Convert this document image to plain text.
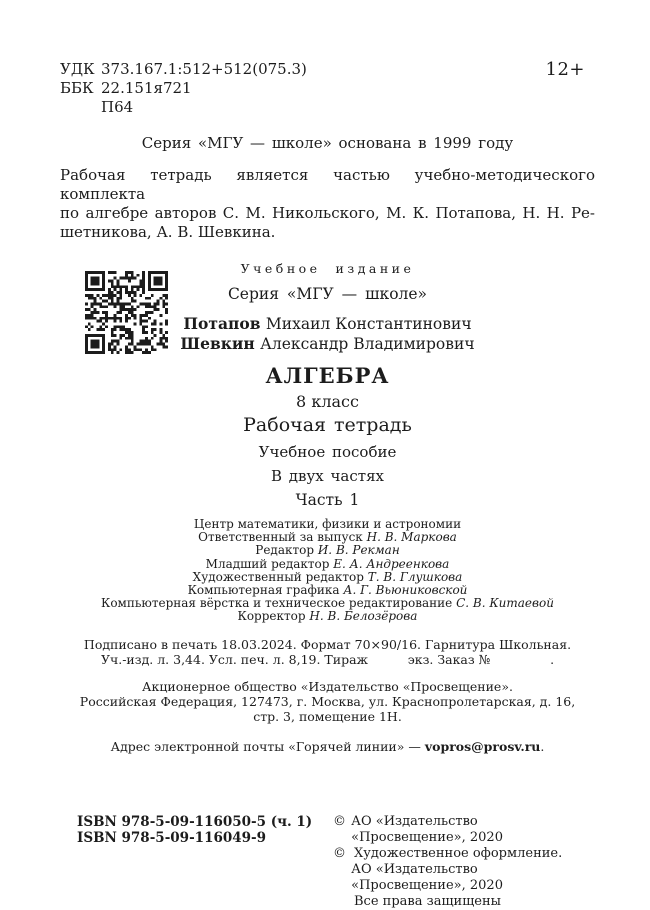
УДК 373.167.1:512+512(075.3)
ББК 22.151я721
П64
12+
Серия «МГУ — школе» основана в 1999 году
Рабочая тетрадь является частью учебно-методического комплекта
по алгебре авторов С. М. Никольского, М. К. Потапова, Н. Н. Ре-
шетникова, А. В. Шевкина.
Учебное издание
Серия «МГУ — школе»
Потапов Михаил Константинович
Шевкин Александр Владимирович
АЛГЕБРА
8 класс
Рабочая тетрадь
Учебное пособие
В двух частях
Часть 1
Центр математики, физики и астрономии
Ответственный за выпуск Н. В. Маркова
Редактор И. В. Рекман
Младший редактор Е. А. Андреенкова
Художественный редактор Т. В. Глушкова
Компьютерная графика А. Г. Вьюниковской
Компьютерная вёрстка и техническое редактирование С. В. Китаевой
Корректор Н. В. Белозёрова
Подписано в печать 18.03.2024. Формат 70×90/16. Гарнитура Школьная.
Уч.-изд. л. 3,44. Усл. печ. л. 8,19. Тираж          экз. Заказ №               .
Акционерное общество «Издательство «Просвещение».
Российская Федерация, 127473, г. Москва, ул. Краснопролетарская, д. 16,
стр. 3, помещение 1Н.
Адрес электронной почты «Горячей линии» — vopros@prosv.ru.
ISBN 978-5-09-116050-5 (ч. 1)
ISBN 978-5-09-116049-9
© АО «Издательство «Просвещение», 2020
© Художественное оформление.
АО «Издательство «Просвещение», 2020
Все права защищены
